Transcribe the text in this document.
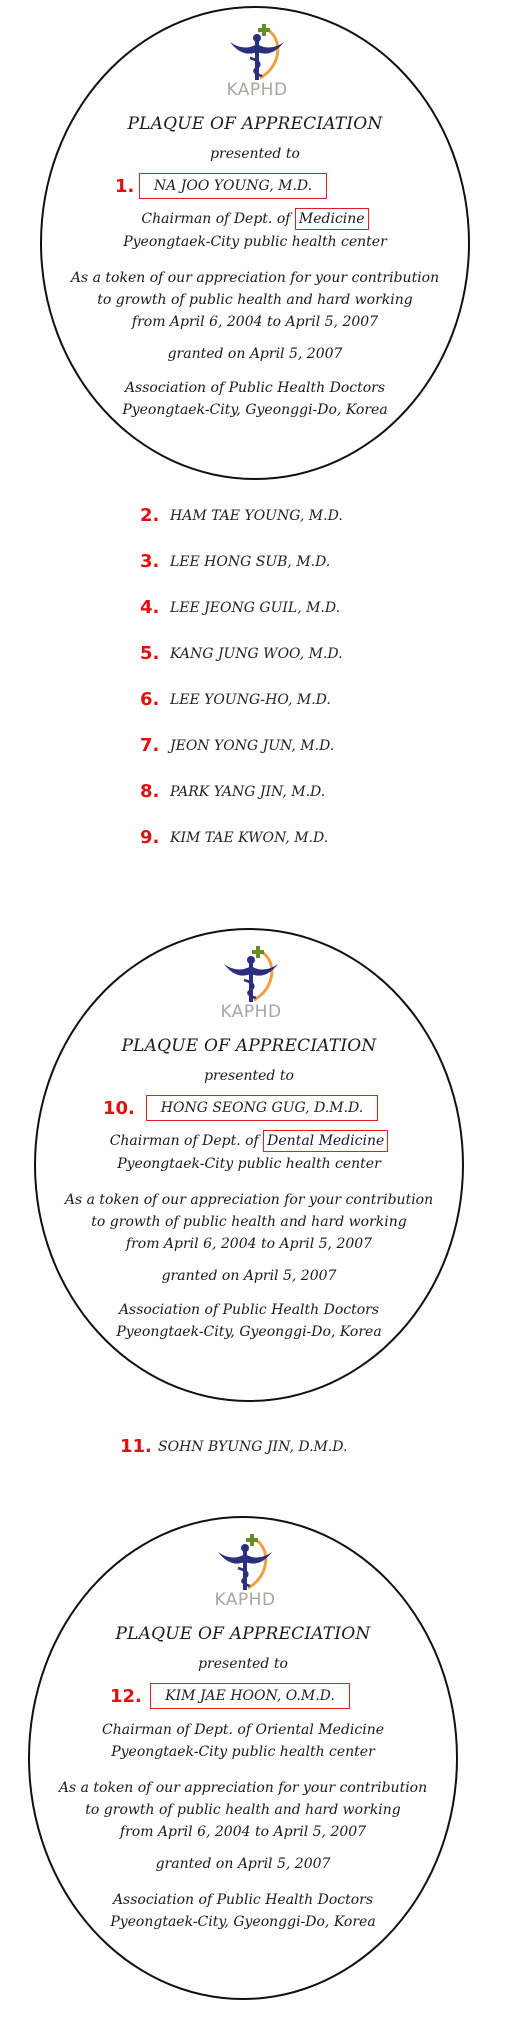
KAPHD
PLAQUE OF APPRECIATION
presented to
1.	NA JOO YOUNG, M.D.
Chairman of Dept. of Medicine
Pyeongtaek-City public health center
As a token of our appreciation for your contribution
to growth of public health and hard working
from April 6, 2004 to April 5, 2007
granted on April 5, 2007
Association of Public Health Doctors
Pyeongtaek-City, Gyeonggi-Do, Korea
2. HAM TAE YOUNG, M.D.
3. LEE HONG SUB, M.D.
4. LEE JEONG GUIL, M.D.
5. KANG JUNG WOO, M.D.
6. LEE YOUNG-HO, M.D.
7. JEON YONG JUN, M.D.
8. PARK YANG JIN, M.D.
9. KIM TAE KWON, M.D.
KAPHD
PLAQUE OF APPRECIATION
presented to
10.	HONG SEONG GUG, D.M.D.
Chairman of Dept. of Dental Medicine
Pyeongtaek-City public health center
As a token of our appreciation for your contribution
to growth of public health and hard working
from April 6, 2004 to April 5, 2007
granted on April 5, 2007
Association of Public Health Doctors
Pyeongtaek-City, Gyeonggi-Do, Korea
11. SOHN BYUNG JIN, D.M.D.
KAPHD
PLAQUE OF APPRECIATION
presented to
12.	KIM JAE HOON, O.M.D.
Chairman of Dept. of Oriental Medicine
Pyeongtaek-City public health center
As a token of our appreciation for your contribution
to growth of public health and hard working
from April 6, 2004 to April 5, 2007
granted on April 5, 2007
Association of Public Health Doctors
Pyeongtaek-City, Gyeonggi-Do, Korea
